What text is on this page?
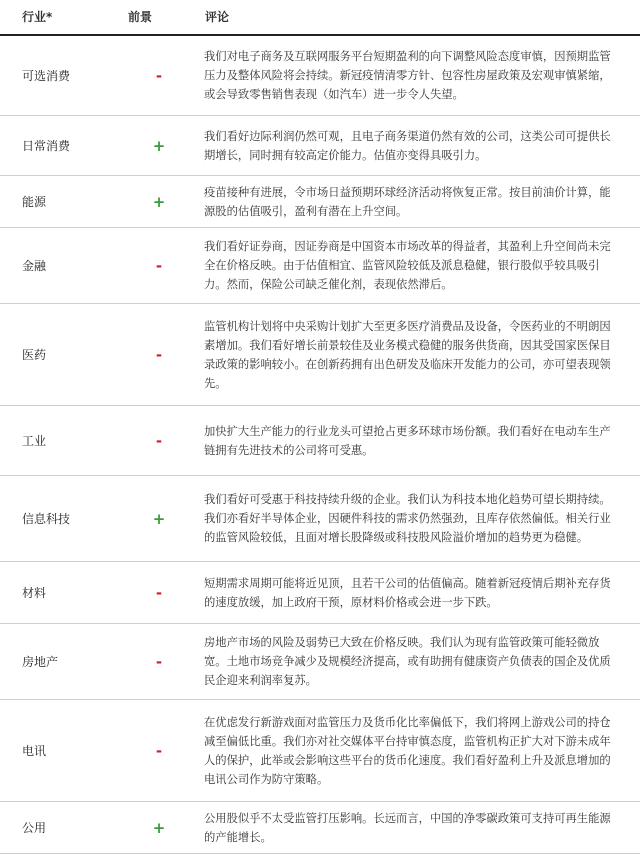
行业*	前景	评论
可选消费	-
我们对电子商务及互联网服务平台短期盈利的向下调整风险态度审慎，因预期监管压力及整体风险将会持续。新冠疫情清零方针、包容性房屋政策及宏观审慎紧缩，或会导致零售销售表现（如汽车）进一步令人失望。
日常消费	+
我们看好边际利润仍然可观，且电子商务渠道仍然有效的公司，这类公司可提供长期增长，同时拥有较高定价能力。估值亦变得具吸引力。
能源	+
疫苗接种有进展，令市场日益预期环球经济活动将恢复正常。按目前油价计算，能源股的估值吸引，盈利有潜在上升空间。
金融	-
我们看好证券商，因证券商是中国资本市场改革的得益者，其盈利上升空间尚未完全在价格反映。由于估值相宜、监管风险较低及派息稳健，银行股似乎较具吸引力。然而，保险公司缺乏催化剂，表现依然滞后。
医药	-
监管机构计划将中央采购计划扩大至更多医疗消费品及设备，令医药业的不明朗因素增加。我们看好增长前景较佳及业务模式稳健的服务供货商，因其受国家医保目录政策的影响较小。在创新药拥有出色研发及临床开发能力的公司，亦可望表现领先。
工业	-
加快扩大生产能力的行业龙头可望抢占更多环球市场份额。我们看好在电动车生产链拥有先进技术的公司将可受惠。
信息科技	+
我们看好可受惠于科技持续升级的企业。我们认为科技本地化趋势可望长期持续。我们亦看好半导体企业，因硬件科技的需求仍然强劲，且库存依然偏低。相关行业的监管风险较低，且面对增长股降级或科技股风险溢价增加的趋势更为稳健。
材料	-
短期需求周期可能将近见顶，且若干公司的估值偏高。随着新冠疫情后期补充存货的速度放缓，加上政府干预，原材料价格或会进一步下跌。
房地产	-
房地产市场的风险及弱势已大致在价格反映。我们认为现有监管政策可能轻微放宽。土地市场竞争减少及规模经济提高，或有助拥有健康资产负债表的国企及优质民企迎来利润率复苏。
电讯	-
在优虑发行新游戏面对监管压力及货币化比率偏低下，我们将网上游戏公司的持仓减至偏低比重。我们亦对社交媒体平台持审慎态度，监管机构正扩大对下游未成年人的保护，此举或会影响这些平台的货币化速度。我们看好盈利上升及派息增加的电讯公司作为防守策略。
公用	+
公用股似乎不太受监管打压影响。长远而言，中国的净零碳政策可支持可再生能源的产能增长。
